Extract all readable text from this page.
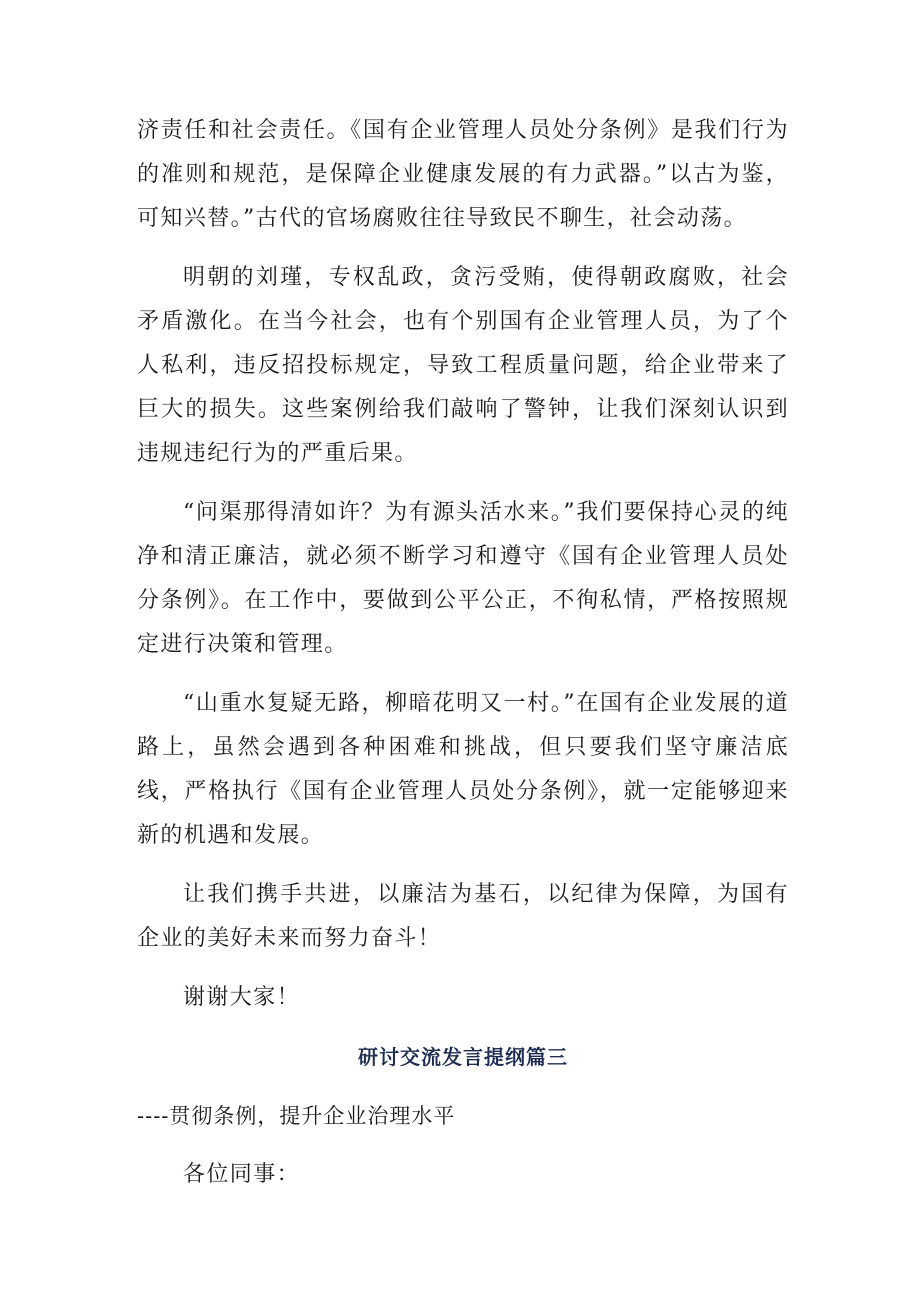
济责任和社会责任。《国有企业管理人员处分条例》是我们行为的准则和规范，是保障企业健康发展的有力武器。”以古为鉴，可知兴替。”古代的官场腐败往往导致民不聊生，社会动荡。

明朝的刘瑾，专权乱政，贪污受贿，使得朝政腐败，社会矛盾激化。在当今社会，也有个别国有企业管理人员，为了个人私利，违反招投标规定，导致工程质量问题，给企业带来了巨大的损失。这些案例给我们敲响了警钟，让我们深刻认识到违规违纪行为的严重后果。

“问渠那得清如许？为有源头活水来。”我们要保持心灵的纯净和清正廉洁，就必须不断学习和遵守《国有企业管理人员处分条例》。在工作中，要做到公平公正，不徇私情，严格按照规定进行决策和管理。

“山重水复疑无路，柳暗花明又一村。”在国有企业发展的道路上，虽然会遇到各种困难和挑战，但只要我们坚守廉洁底线，严格执行《国有企业管理人员处分条例》，就一定能够迎来新的机遇和发展。

让我们携手共进，以廉洁为基石，以纪律为保障，为国有企业的美好未来而努力奋斗！

谢谢大家！

研讨交流发言提纲篇三

----贯彻条例，提升企业治理水平

各位同事：
